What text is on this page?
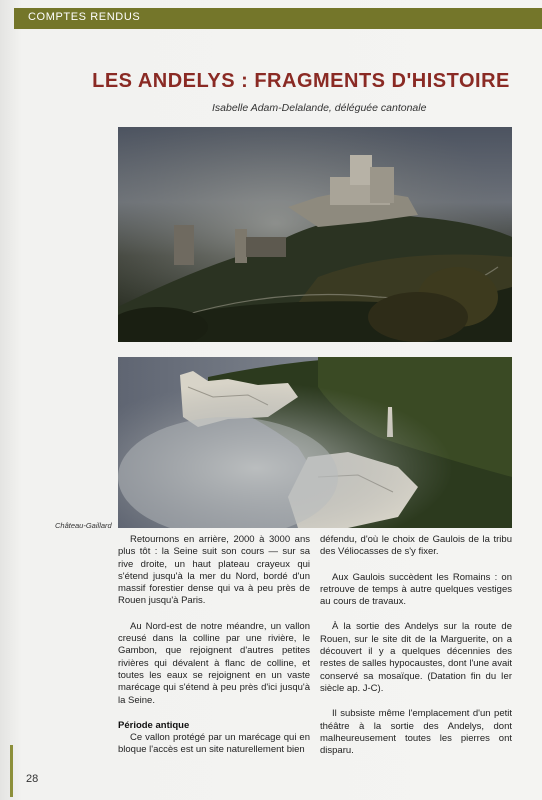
COMPTES RENDUS
LES ANDELYS : FRAGMENTS D'HISTOIRE
Isabelle Adam-Delalande, déléguée cantonale
Château-Gaillard

Retournons en arrière, 2000 à 3000 ans plus tôt : la Seine suit son cours — sur sa rive droite, un haut plateau crayeux qui s'étend jusqu'à la mer du Nord, bordé d'un massif forestier dense qui va à peu près de Rouen jusqu'à Paris.

Au Nord-est de notre méandre, un vallon creusé dans la colline par une rivière, le Gambon, que rejoignent d'autres petites rivières qui dévalent à flanc de colline, et toutes les eaux se rejoignent en un vaste marécage qui s'étend à peu près d'ici jusqu'à la Seine.

Période antique

Ce vallon protégé par un marécage qui en bloque l'accès est un site naturellement bien

défendu, d'où le choix de Gaulois de la tribu des Véliocasses de s'y fixer.

Aux Gaulois succèdent les Romains : on retrouve de temps à autre quelques vestiges au cours de travaux.

À la sortie des Andelys sur la route de Rouen, sur le site dit de la Marguerite, on a découvert il y a quelques décennies des restes de salles hypocaustes, dont l'une avait conservé sa mosaïque. (Datation fin du Ier siècle ap. J-C).

Il subsiste même l'emplacement d'un petit théâtre à la sortie des Andelys, dont malheureusement toutes les pierres ont disparu.

28
